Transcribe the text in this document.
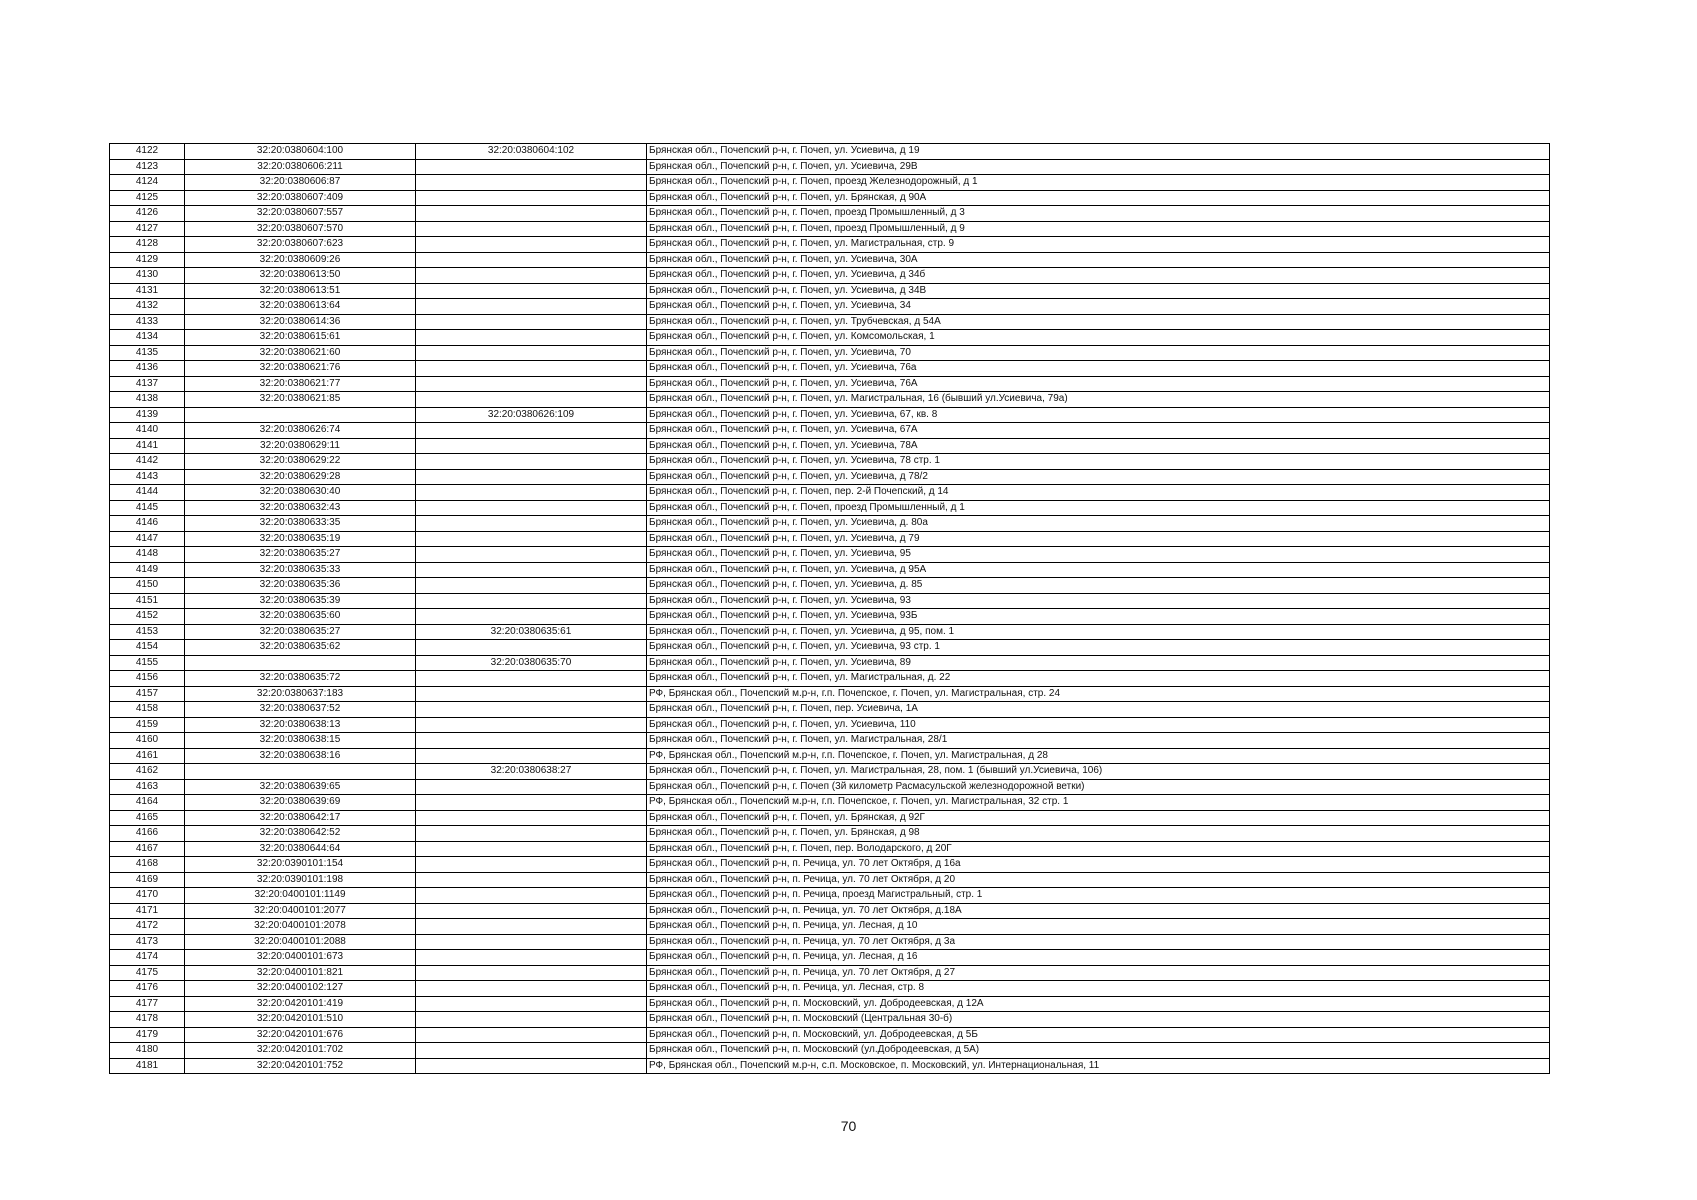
4122	32:20:0380604:100	32:20:0380604:102	Брянская обл., Почепский р-н, г. Почеп, ул. Усиевича, д 19
4123	32:20:0380606:211		Брянская обл., Почепский р-н, г. Почеп, ул. Усиевича, 29В
4124	32:20:0380606:87		Брянская обл., Почепский р-н, г. Почеп, проезд Железнодорожный, д 1
4125	32:20:0380607:409		Брянская обл., Почепский р-н, г. Почеп, ул. Брянская, д 90А
4126	32:20:0380607:557		Брянская обл., Почепский р-н, г. Почеп, проезд Промышленный, д 3
4127	32:20:0380607:570		Брянская обл., Почепский р-н, г. Почеп, проезд Промышленный, д 9
4128	32:20:0380607:623		Брянская обл., Почепский р-н, г. Почеп, ул. Магистральная, стр. 9
4129	32:20:0380609:26		Брянская обл., Почепский р-н, г. Почеп, ул. Усиевича, 30А
4130	32:20:0380613:50		Брянская обл., Почепский р-н, г. Почеп, ул. Усиевича, д 34б
4131	32:20:0380613:51		Брянская обл., Почепский р-н, г. Почеп, ул. Усиевича, д 34В
4132	32:20:0380613:64		Брянская обл., Почепский р-н, г. Почеп, ул. Усиевича, 34
4133	32:20:0380614:36		Брянская обл., Почепский р-н, г. Почеп, ул. Трубчевская, д 54А
4134	32:20:0380615:61		Брянская обл., Почепский р-н, г. Почеп, ул. Комсомольская, 1
4135	32:20:0380621:60		Брянская обл., Почепский р-н, г. Почеп, ул. Усиевича, 70
4136	32:20:0380621:76		Брянская обл., Почепский р-н, г. Почеп, ул. Усиевича, 76а
4137	32:20:0380621:77		Брянская обл., Почепский р-н, г. Почеп, ул. Усиевича, 76А
4138	32:20:0380621:85		Брянская обл., Почепский р-н, г. Почеп, ул. Магистральная, 16 (бывший ул.Усиевича, 79а)
4139		32:20:0380626:109	Брянская обл., Почепский р-н, г. Почеп, ул. Усиевича, 67, кв. 8
4140	32:20:0380626:74		Брянская обл., Почепский р-н, г. Почеп, ул. Усиевича, 67А
4141	32:20:0380629:11		Брянская обл., Почепский р-н, г. Почеп, ул. Усиевича, 78А
4142	32:20:0380629:22		Брянская обл., Почепский р-н, г. Почеп, ул. Усиевича, 78 стр. 1
4143	32:20:0380629:28		Брянская обл., Почепский р-н, г. Почеп, ул. Усиевича, д 78/2
4144	32:20:0380630:40		Брянская обл., Почепский р-н, г. Почеп, пер. 2-й Почепский, д 14
4145	32:20:0380632:43		Брянская обл., Почепский р-н, г. Почеп, проезд Промышленный, д 1
4146	32:20:0380633:35		Брянская обл., Почепский р-н, г. Почеп, ул. Усиевича, д. 80а
4147	32:20:0380635:19		Брянская обл., Почепский р-н, г. Почеп, ул. Усиевича, д 79
4148	32:20:0380635:27		Брянская обл., Почепский р-н, г. Почеп, ул. Усиевича, 95
4149	32:20:0380635:33		Брянская обл., Почепский р-н, г. Почеп, ул. Усиевича, д 95А
4150	32:20:0380635:36		Брянская обл., Почепский р-н, г. Почеп, ул. Усиевича, д. 85
4151	32:20:0380635:39		Брянская обл., Почепский р-н, г. Почеп, ул. Усиевича, 93
4152	32:20:0380635:60		Брянская обл., Почепский р-н, г. Почеп, ул. Усиевича, 93Б
4153	32:20:0380635:27	32:20:0380635:61	Брянская обл., Почепский р-н, г. Почеп, ул. Усиевича, д 95, пом. 1
4154	32:20:0380635:62		Брянская обл., Почепский р-н, г. Почеп, ул. Усиевича, 93 стр. 1
4155		32:20:0380635:70	Брянская обл., Почепский р-н, г. Почеп, ул. Усиевича, 89
4156	32:20:0380635:72		Брянская обл., Почепский р-н, г. Почеп, ул. Магистральная, д. 22
4157	32:20:0380637:183		РФ, Брянская обл., Почепский м.р-н, г.п. Почепское, г. Почеп, ул. Магистральная, стр. 24
4158	32:20:0380637:52		Брянская обл., Почепский р-н, г. Почеп, пер. Усиевича, 1А
4159	32:20:0380638:13		Брянская обл., Почепский р-н, г. Почеп, ул. Усиевича, 110
4160	32:20:0380638:15		Брянская обл., Почепский р-н, г. Почеп, ул. Магистральная, 28/1
4161	32:20:0380638:16		РФ, Брянская обл., Почепский м.р-н, г.п. Почепское, г. Почеп, ул. Магистральная, д 28
4162		32:20:0380638:27	Брянская обл., Почепский р-н, г. Почеп, ул. Магистральная, 28, пом. 1 (бывший ул.Усиевича, 106)
4163	32:20:0380639:65		Брянская обл., Почепский р-н, г. Почеп (3й километр Расмасульской железнодорожной ветки)
4164	32:20:0380639:69		РФ, Брянская обл., Почепский м.р-н, г.п. Почепское, г. Почеп, ул. Магистральная, 32 стр. 1
4165	32:20:0380642:17		Брянская обл., Почепский р-н, г. Почеп, ул. Брянская, д 92Г
4166	32:20:0380642:52		Брянская обл., Почепский р-н, г. Почеп, ул. Брянская, д 98
4167	32:20:0380644:64		Брянская обл., Почепский р-н, г. Почеп, пер. Володарского, д 20Г
4168	32:20:0390101:154		Брянская обл., Почепский р-н, п. Речица, ул. 70 лет Октября, д 16а
4169	32:20:0390101:198		Брянская обл., Почепский р-н, п. Речица, ул. 70 лет Октября, д 20
4170	32:20:0400101:1149		Брянская обл., Почепский р-н, п. Речица, проезд Магистральный, стр. 1
4171	32:20:0400101:2077		Брянская обл., Почепский р-н, п. Речица, ул. 70 лет Октября, д.18А
4172	32:20:0400101:2078		Брянская обл., Почепский р-н, п. Речица, ул. Лесная, д 10
4173	32:20:0400101:2088		Брянская обл., Почепский р-н, п. Речица, ул. 70 лет Октября, д 3а
4174	32:20:0400101:673		Брянская обл., Почепский р-н, п. Речица, ул. Лесная, д 16
4175	32:20:0400101:821		Брянская обл., Почепский р-н, п. Речица, ул. 70 лет Октября, д 27
4176	32:20:0400102:127		Брянская обл., Почепский р-н, п. Речица, ул. Лесная, стр. 8
4177	32:20:0420101:419		Брянская обл., Почепский р-н, п. Московский, ул. Добродеевская, д 12А
4178	32:20:0420101:510		Брянская обл., Почепский р-н, п. Московский (Центральная 30-б)
4179	32:20:0420101:676		Брянская обл., Почепский р-н, п. Московский, ул. Добродеевская, д 5Б
4180	32:20:0420101:702		Брянская обл., Почепский р-н, п. Московский (ул.Добродеевская, д 5А)
4181	32:20:0420101:752		РФ, Брянская обл., Почепский м.р-н, с.п. Московское, п. Московский, ул. Интернациональная, 11
70
